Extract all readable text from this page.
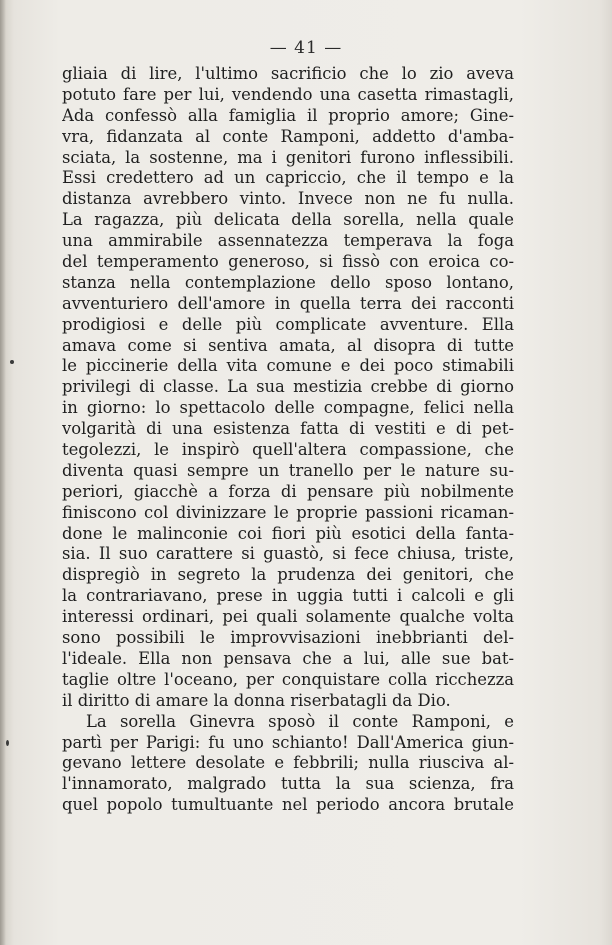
— 41 —
gliaia di lire, l'ultimo sacrificio che lo zio aveva
potuto fare per lui, vendendo una casetta rimastagli,
Ada confessò alla famiglia il proprio amore; Gine-
vra, fidanzata al conte Ramponi, addetto d'amba-
sciata, la sostenne, ma i genitori furono inflessibili.
Essi credettero ad un capriccio, che il tempo e la
distanza avrebbero vinto. Invece non ne fu nulla.
La ragazza, più delicata della sorella, nella quale
una ammirabile assennatezza temperava la foga
del temperamento generoso, si fissò con eroica co-
stanza nella contemplazione dello sposo lontano,
avventuriero dell'amore in quella terra dei racconti
prodigiosi e delle più complicate avventure. Ella
amava come si sentiva amata, al disopra di tutte
le piccinerie della vita comune e dei poco stimabili
privilegi di classe. La sua mestizia crebbe di giorno
in giorno: lo spettacolo delle compagne, felici nella
volgarità di una esistenza fatta di vestiti e di pet-
tegolezzi, le inspirò quell'altera compassione, che
diventa quasi sempre un tranello per le nature su-
periori, giacchè a forza di pensare più nobilmente
finiscono col divinizzare le proprie passioni ricaman-
done le malinconie coi fiori più esotici della fanta-
sia. Il suo carattere si guastò, si fece chiusa, triste,
dispregiò in segreto la prudenza dei genitori, che
la contrariavano, prese in uggia tutti i calcoli e gli
interessi ordinari, pei quali solamente qualche volta
sono possibili le improvvisazioni inebbrianti del-
l'ideale. Ella non pensava che a lui, alle sue bat-
taglie oltre l'oceano, per conquistare colla ricchezza
il diritto di amare la donna riserbatagli da Dio.
La sorella Ginevra sposò il conte Ramponi, e
partì per Parigi: fu uno schianto! Dall'America giun-
gevano lettere desolate e febbrili; nulla riusciva al-
l'innamorato, malgrado tutta la sua scienza, fra
quel popolo tumultuante nel periodo ancora brutale
